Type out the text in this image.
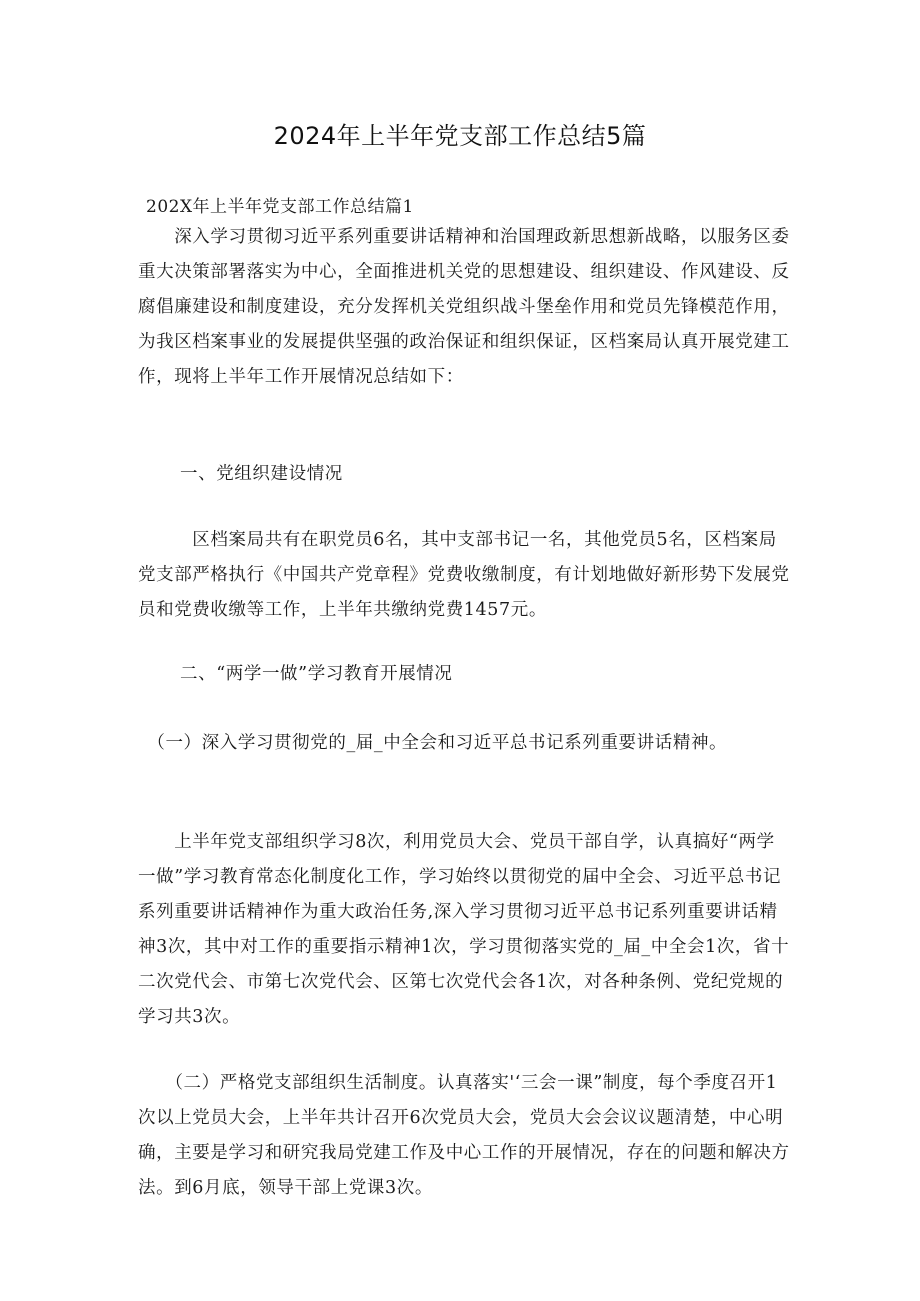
2024年上半年党支部工作总结5篇
202X年上半年党支部工作总结篇1

　　深入学习贯彻习近平系列重要讲话精神和治国理政新思想新战略，以服务区委重大决策部署落实为中心，全面推进机关党的思想建设、组织建设、作风建设、反腐倡廉建设和制度建设，充分发挥机关党组织战斗堡垒作用和党员先锋模范作用，为我区档案事业的发展提供坚强的政治保证和组织保证，区档案局认真开展党建工作，现将上半年工作开展情况总结如下：

一、党组织建设情况

　　　区档案局共有在职党员6名，其中支部书记一名，其他党员5名，区档案局党支部严格执行《中国共产党章程》党费收缴制度，有计划地做好新形势下发展党员和党费收缴等工作，上半年共缴纳党费1457元。

二、“两学一做”学习教育开展情况

　（一）深入学习贯彻党的_届_中全会和习近平总书记系列重要讲话精神。

　　上半年党支部组织学习8次，利用党员大会、党员干部自学，认真搞好“两学一做”学习教育常态化制度化工作，学习始终以贯彻党的届中全会、习近平总书记系列重要讲话精神作为重大政治任务,深入学习贯彻习近平总书记系列重要讲话精神3次，其中对工作的重要指示精神1次，学习贯彻落实党的_届_中全会1次，省十二次党代会、市第七次党代会、区第七次党代会各1次，对各种条例、党纪党规的学习共3次。

　　（二）严格党支部组织生活制度。认真落实'‘三会一课”制度，每个季度召开1次以上党员大会，上半年共计召开6次党员大会，党员大会会议议题清楚，中心明确，主要是学习和研究我局党建工作及中心工作的开展情况，存在的问题和解决方法。到6月底，领导干部上党课3次。
